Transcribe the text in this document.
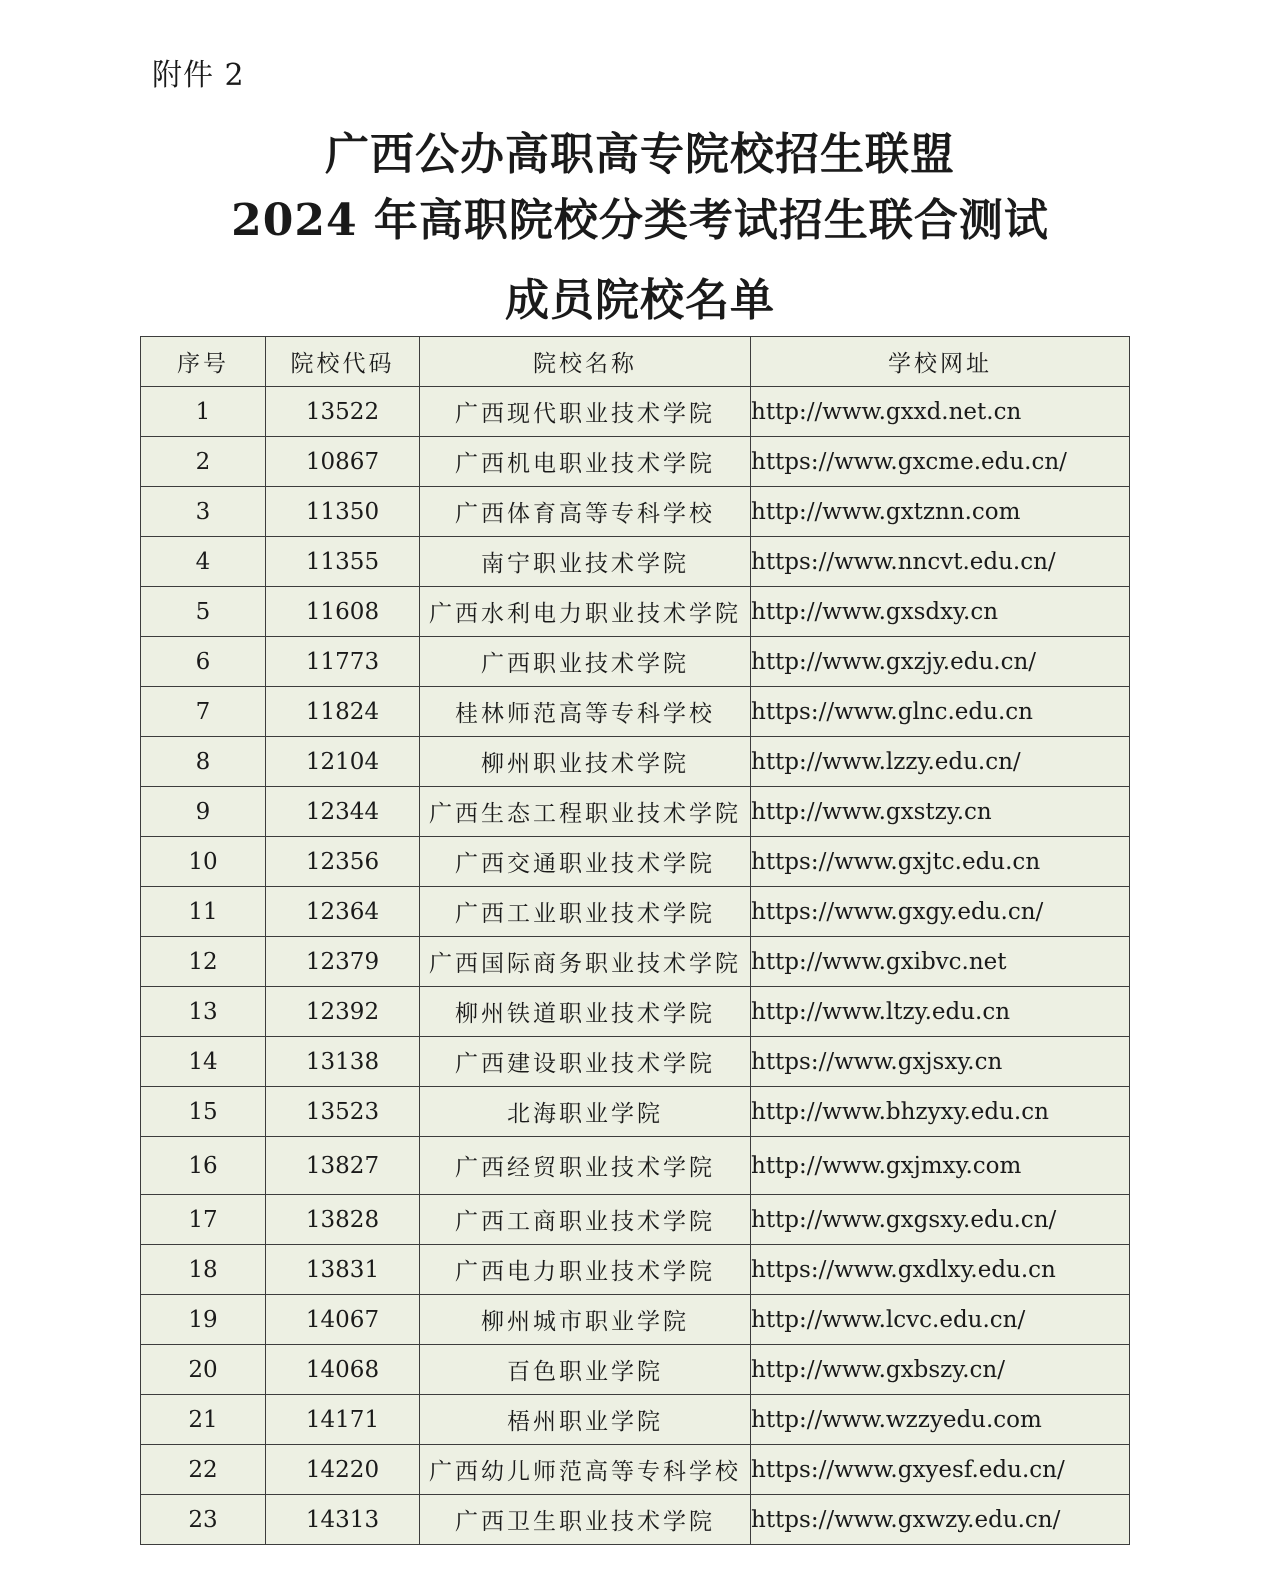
附件 2
广西公办高职高专院校招生联盟
2024 年高职院校分类考试招生联合测试
成员院校名单
序号	院校代码	院校名称	学校网址
1	13522	广西现代职业技术学院	http://www.gxxd.net.cn
2	10867	广西机电职业技术学院	https://www.gxcme.edu.cn/
3	11350	广西体育高等专科学校	http://www.gxtznn.com
4	11355	南宁职业技术学院	https://www.nncvt.edu.cn/
5	11608	广西水利电力职业技术学院	http://www.gxsdxy.cn
6	11773	广西职业技术学院	http://www.gxzjy.edu.cn/
7	11824	桂林师范高等专科学校	https://www.glnc.edu.cn
8	12104	柳州职业技术学院	http://www.lzzy.edu.cn/
9	12344	广西生态工程职业技术学院	http://www.gxstzy.cn
10	12356	广西交通职业技术学院	https://www.gxjtc.edu.cn
11	12364	广西工业职业技术学院	https://www.gxgy.edu.cn/
12	12379	广西国际商务职业技术学院	http://www.gxibvc.net
13	12392	柳州铁道职业技术学院	http://www.ltzy.edu.cn
14	13138	广西建设职业技术学院	https://www.gxjsxy.cn
15	13523	北海职业学院	http://www.bhzyxy.edu.cn
16	13827	广西经贸职业技术学院	http://www.gxjmxy.com
17	13828	广西工商职业技术学院	http://www.gxgsxy.edu.cn/
18	13831	广西电力职业技术学院	https://www.gxdlxy.edu.cn
19	14067	柳州城市职业学院	http://www.lcvc.edu.cn/
20	14068	百色职业学院	http://www.gxbszy.cn/
21	14171	梧州职业学院	http://www.wzzyedu.com
22	14220	广西幼儿师范高等专科学校	https://www.gxyesf.edu.cn/
23	14313	广西卫生职业技术学院	https://www.gxwzy.edu.cn/
